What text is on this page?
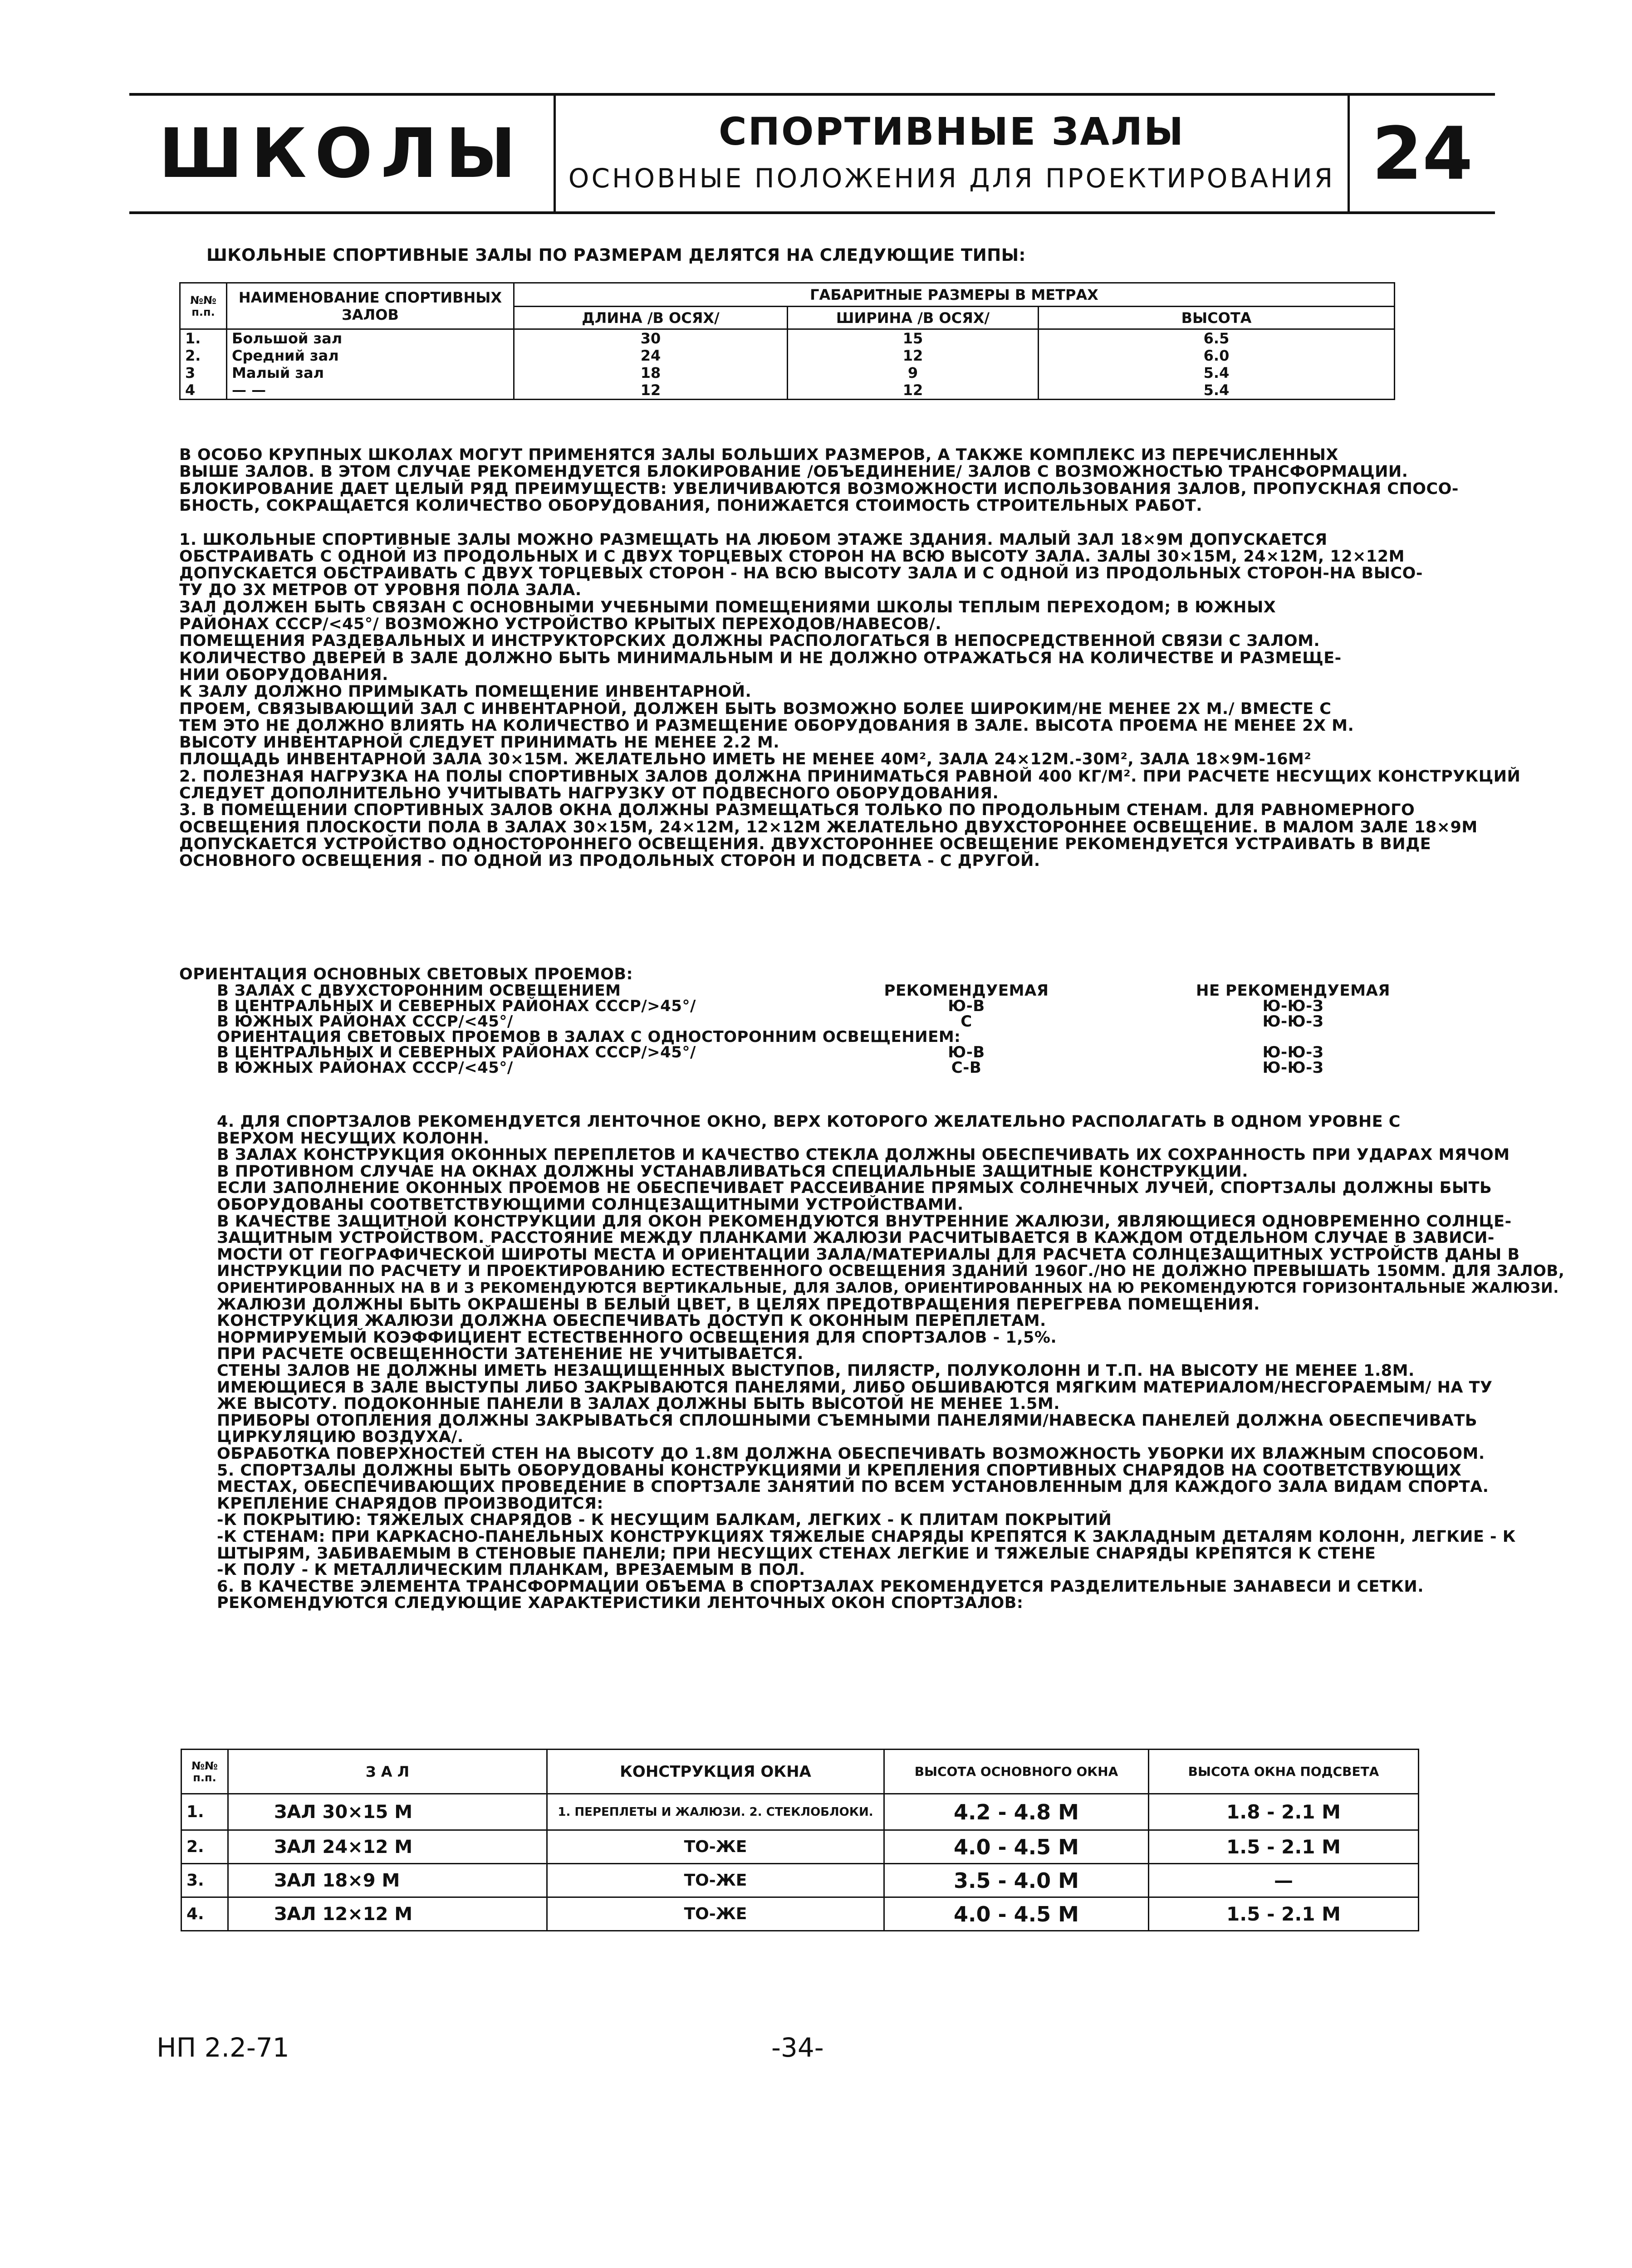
ШКОЛЫ	СПОРТИВНЫЕ ЗАЛЫ
ОСНОВНЫЕ ПОЛОЖЕНИЯ ДЛЯ ПРОЕКТИРОВАНИЯ 24
ШКОЛЬНЫЕ СПОРТИВНЫЕ ЗАЛЫ ПО РАЗМЕРАМ ДЕЛЯТСЯ НА СЛЕДУЮЩИЕ ТИПЫ:
№№ п.п.	НАИМЕНОВАНИЕ СПОРТИВНЫХ ЗАЛОВ	ГАБАРИТНЫЕ РАЗМЕРЫ В МЕТРАХ		
		ДЛИНА /В ОСЯХ/	ШИРИНА /В ОСЯХ/	ВЫСОТА
1.	Большой зал	30	15	6.5
2.	Средний зал	24	12	6.0
3	Малый зал	18	9	5.4
4	— —	12	12	5.4
В ОСОБО КРУПНЫХ ШКОЛАХ МОГУТ ПРИМЕНЯТСЯ ЗАЛЫ БОЛЬШИХ РАЗМЕРОВ, А ТАКЖЕ КОМПЛЕКС ИЗ ПЕРЕЧИСЛЕННЫХ
ВЫШЕ ЗАЛОВ. В ЭТОМ СЛУЧАЕ РЕКОМЕНДУЕТСЯ БЛОКИРОВАНИЕ /ОБЪЕДИНЕНИЕ/ ЗАЛОВ С ВОЗМОЖНОСТЬЮ ТРАНСФОРМАЦИИ.
БЛОКИРОВАНИЕ ДАЕТ ЦЕЛЫЙ РЯД ПРЕИМУЩЕСТВ: УВЕЛИЧИВАЮТСЯ ВОЗМОЖНОСТИ ИСПОЛЬЗОВАНИЯ ЗАЛОВ, ПРОПУСКНАЯ СПОСО-
БНОСТЬ, СОКРАЩАЕТСЯ КОЛИЧЕСТВО ОБОРУДОВАНИЯ, ПОНИЖАЕТСЯ СТОИМОСТЬ СТРОИТЕЛЬНЫХ РАБОТ.
1. ШКОЛЬНЫЕ СПОРТИВНЫЕ ЗАЛЫ МОЖНО РАЗМЕЩАТЬ НА ЛЮБОМ ЭТАЖЕ ЗДАНИЯ. МАЛЫЙ ЗАЛ 18×9М ДОПУСКАЕТСЯ
ОБСТРАИВАТЬ С ОДНОЙ ИЗ ПРОДОЛЬНЫХ И С ДВУХ ТОРЦЕВЫХ СТОРОН НА ВСЮ ВЫСОТУ ЗАЛА. ЗАЛЫ 30×15М, 24×12М, 12×12М
ДОПУСКАЕТСЯ ОБСТРАИВАТЬ С ДВУХ ТОРЦЕВЫХ СТОРОН - НА ВСЮ ВЫСОТУ ЗАЛА И С ОДНОЙ ИЗ ПРОДОЛЬНЫХ СТОРОН-НА ВЫСО-
ТУ ДО 3Х МЕТРОВ ОТ УРОВНЯ ПОЛА ЗАЛА.
ЗАЛ ДОЛЖЕН БЫТЬ СВЯЗАН С ОСНОВНЫМИ УЧЕБНЫМИ ПОМЕЩЕНИЯМИ ШКОЛЫ ТЕПЛЫМ ПЕРЕХОДОМ; В ЮЖНЫХ
РАЙОНАХ СССР/<45°/ ВОЗМОЖНО УСТРОЙСТВО КРЫТЫХ ПЕРЕХОДОВ/НАВЕСОВ/.
ПОМЕЩЕНИЯ РАЗДЕВАЛЬНЫХ И ИНСТРУКТОРСКИХ ДОЛЖНЫ РАСПОЛОГАТЬСЯ В НЕПОСРЕДСТВЕННОЙ СВЯЗИ С ЗАЛОМ.
КОЛИЧЕСТВО ДВЕРЕЙ В ЗАЛЕ ДОЛЖНО БЫТЬ МИНИМАЛЬНЫМ И НЕ ДОЛЖНО ОТРАЖАТЬСЯ НА КОЛИЧЕСТВЕ И РАЗМЕЩЕ-
НИИ ОБОРУДОВАНИЯ.
К ЗАЛУ ДОЛЖНО ПРИМЫКАТЬ ПОМЕЩЕНИЕ ИНВЕНТАРНОЙ.
ПРОЕМ, СВЯЗЫВАЮЩИЙ ЗАЛ С ИНВЕНТАРНОЙ, ДОЛЖЕН БЫТЬ ВОЗМОЖНО БОЛЕЕ ШИРОКИМ/НЕ МЕНЕЕ 2Х М./ ВМЕСТЕ С
ТЕМ ЭТО НЕ ДОЛЖНО ВЛИЯТЬ НА КОЛИЧЕСТВО И РАЗМЕЩЕНИЕ ОБОРУДОВАНИЯ В ЗАЛЕ. ВЫСОТА ПРОЕМА НЕ МЕНЕЕ 2Х М.
ВЫСОТУ ИНВЕНТАРНОЙ СЛЕДУЕТ ПРИНИМАТЬ НЕ МЕНЕЕ 2.2 М.
ПЛОЩАДЬ ИНВЕНТАРНОЙ ЗАЛА 30×15М. ЖЕЛАТЕЛЬНО ИМЕТЬ НЕ МЕНЕЕ 40М², ЗАЛА 24×12М.-30М², ЗАЛА 18×9М-16М²
2. ПОЛЕЗНАЯ НАГРУЗКА НА ПОЛЫ СПОРТИВНЫХ ЗАЛОВ ДОЛЖНА ПРИНИМАТЬСЯ РАВНОЙ 400 КГ/М². ПРИ РАСЧЕТЕ НЕСУЩИХ КОНСТРУКЦИЙ
СЛЕДУЕТ ДОПОЛНИТЕЛЬНО УЧИТЫВАТЬ НАГРУЗКУ ОТ ПОДВЕСНОГО ОБОРУДОВАНИЯ.
3. В ПОМЕЩЕНИИ СПОРТИВНЫХ ЗАЛОВ ОКНА ДОЛЖНЫ РАЗМЕЩАТЬСЯ ТОЛЬКО ПО ПРОДОЛЬНЫМ СТЕНАМ. ДЛЯ РАВНОМЕРНОГО
ОСВЕЩЕНИЯ ПЛОСКОСТИ ПОЛА В ЗАЛАХ 30×15М, 24×12М, 12×12М ЖЕЛАТЕЛЬНО ДВУХСТОРОННЕЕ ОСВЕЩЕНИЕ. В МАЛОМ ЗАЛЕ 18×9М
ДОПУСКАЕТСЯ УСТРОЙСТВО ОДНОСТОРОННЕГО ОСВЕЩЕНИЯ. ДВУХСТОРОННЕЕ ОСВЕЩЕНИЕ РЕКОМЕНДУЕТСЯ УСТРАИВАТЬ В ВИДЕ
ОСНОВНОГО ОСВЕЩЕНИЯ - ПО ОДНОЙ ИЗ ПРОДОЛЬНЫХ СТОРОН И ПОДСВЕТА - С ДРУГОЙ.
ОРИЕНТАЦИЯ ОСНОВНЫХ СВЕТОВЫХ ПРОЕМОВ:
В ЗАЛАХ С ДВУХСТОРОННИМ ОСВЕЩЕНИЕМ	РЕКОМЕНДУЕМАЯ	НЕ РЕКОМЕНДУЕМАЯ
В ЦЕНТРАЛЬНЫХ И СЕВЕРНЫХ РАЙОНАХ СССР/>45°/	Ю-В	Ю-Ю-З
В ЮЖНЫХ РАЙОНАХ СССР/<45°/	С	Ю-Ю-З
ОРИЕНТАЦИЯ СВЕТОВЫХ ПРОЕМОВ В ЗАЛАХ С ОДНОСТОРОННИМ ОСВЕЩЕНИЕМ:
В ЦЕНТРАЛЬНЫХ И СЕВЕРНЫХ РАЙОНАХ СССР/>45°/	Ю-В	Ю-Ю-З
В ЮЖНЫХ РАЙОНАХ СССР/<45°/	С-В	Ю-Ю-З
4. ДЛЯ СПОРТЗАЛОВ РЕКОМЕНДУЕТСЯ ЛЕНТОЧНОЕ ОКНО, ВЕРХ КОТОРОГО ЖЕЛАТЕЛЬНО РАСПОЛАГАТЬ В ОДНОМ УРОВНЕ С
ВЕРХОМ НЕСУЩИХ КОЛОНН.
В ЗАЛАХ КОНСТРУКЦИЯ ОКОННЫХ ПЕРЕПЛЕТОВ И КАЧЕСТВО СТЕКЛА ДОЛЖНЫ ОБЕСПЕЧИВАТЬ ИХ СОХРАННОСТЬ ПРИ УДАРАХ МЯЧОМ
В ПРОТИВНОМ СЛУЧАЕ НА ОКНАХ ДОЛЖНЫ УСТАНАВЛИВАТЬСЯ СПЕЦИАЛЬНЫЕ ЗАЩИТНЫЕ КОНСТРУКЦИИ.
ЕСЛИ ЗАПОЛНЕНИЕ ОКОННЫХ ПРОЕМОВ НЕ ОБЕСПЕЧИВАЕТ РАССЕИВАНИЕ ПРЯМЫХ СОЛНЕЧНЫХ ЛУЧЕЙ, СПОРТЗАЛЫ ДОЛЖНЫ БЫТЬ
ОБОРУДОВАНЫ СООТВЕТСТВУЮЩИМИ СОЛНЦЕЗАЩИТНЫМИ УСТРОЙСТВАМИ.
В КАЧЕСТВЕ ЗАЩИТНОЙ КОНСТРУКЦИИ ДЛЯ ОКОН РЕКОМЕНДУЮТСЯ ВНУТРЕННИЕ ЖАЛЮЗИ, ЯВЛЯЮЩИЕСЯ ОДНОВРЕМЕННО СОЛНЦЕ-
ЗАЩИТНЫМ УСТРОЙСТВОМ. РАССТОЯНИЕ МЕЖДУ ПЛАНКАМИ ЖАЛЮЗИ РАСЧИТЫВАЕТСЯ В КАЖДОМ ОТДЕЛЬНОМ СЛУЧАЕ В ЗАВИСИ-
МОСТИ ОТ ГЕОГРАФИЧЕСКОЙ ШИРОТЫ МЕСТА И ОРИЕНТАЦИИ ЗАЛА/МАТЕРИАЛЫ ДЛЯ РАСЧЕТА СОЛНЦЕЗАЩИТНЫХ УСТРОЙСТВ ДАНЫ В
ИНСТРУКЦИИ ПО РАСЧЕТУ И ПРОЕКТИРОВАНИЮ ЕСТЕСТВЕННОГО ОСВЕЩЕНИЯ ЗДАНИЙ 1960Г./НО НЕ ДОЛЖНО ПРЕВЫШАТЬ 150ММ. ДЛЯ ЗАЛОВ,
ОРИЕНТИРОВАННЫХ НА В И З РЕКОМЕНДУЮТСЯ ВЕРТИКАЛЬНЫЕ, ДЛЯ ЗАЛОВ, ОРИЕНТИРОВАННЫХ НА Ю РЕКОМЕНДУЮТСЯ ГОРИЗОНТАЛЬНЫЕ ЖАЛЮЗИ.
ЖАЛЮЗИ ДОЛЖНЫ БЫТЬ ОКРАШЕНЫ В БЕЛЫЙ ЦВЕТ, В ЦЕЛЯХ ПРЕДОТВРАЩЕНИЯ ПЕРЕГРЕВА ПОМЕЩЕНИЯ.
КОНСТРУКЦИЯ ЖАЛЮЗИ ДОЛЖНА ОБЕСПЕЧИВАТЬ ДОСТУП К ОКОННЫМ ПЕРЕПЛЕТАМ.
НОРМИРУЕМЫЙ КОЭФФИЦИЕНТ ЕСТЕСТВЕННОГО ОСВЕЩЕНИЯ ДЛЯ СПОРТЗАЛОВ - 1,5%.
ПРИ РАСЧЕТЕ ОСВЕЩЕННОСТИ ЗАТЕНЕНИЕ НЕ УЧИТЫВАЕТСЯ.
СТЕНЫ ЗАЛОВ НЕ ДОЛЖНЫ ИМЕТЬ НЕЗАЩИЩЕННЫХ ВЫСТУПОВ, ПИЛЯСТР, ПОЛУКОЛОНН И Т.П. НА ВЫСОТУ НЕ МЕНЕЕ 1.8М.
ИМЕЮЩИЕСЯ В ЗАЛЕ ВЫСТУПЫ ЛИБО ЗАКРЫВАЮТСЯ ПАНЕЛЯМИ, ЛИБО ОБШИВАЮТСЯ МЯГКИМ МАТЕРИАЛОМ/НЕСГОРАЕМЫМ/ НА ТУ
ЖЕ ВЫСОТУ. ПОДОКОННЫЕ ПАНЕЛИ В ЗАЛАХ ДОЛЖНЫ БЫТЬ ВЫСОТОЙ НЕ МЕНЕЕ 1.5М.
ПРИБОРЫ ОТОПЛЕНИЯ ДОЛЖНЫ ЗАКРЫВАТЬСЯ СПЛОШНЫМИ СЪЕМНЫМИ ПАНЕЛЯМИ/НАВЕСКА ПАНЕЛЕЙ ДОЛЖНА ОБЕСПЕЧИВАТЬ
ЦИРКУЛЯЦИЮ ВОЗДУХА/.
ОБРАБОТКА ПОВЕРХНОСТЕЙ СТЕН НА ВЫСОТУ ДО 1.8М ДОЛЖНА ОБЕСПЕЧИВАТЬ ВОЗМОЖНОСТЬ УБОРКИ ИХ ВЛАЖНЫМ СПОСОБОМ.
5. СПОРТЗАЛЫ ДОЛЖНЫ БЫТЬ ОБОРУДОВАНЫ КОНСТРУКЦИЯМИ И КРЕПЛЕНИЯ СПОРТИВНЫХ СНАРЯДОВ НА СООТВЕТСТВУЮЩИХ
МЕСТАХ, ОБЕСПЕЧИВАЮЩИХ ПРОВЕДЕНИЕ В СПОРТЗАЛЕ ЗАНЯТИЙ ПО ВСЕМ УСТАНОВЛЕННЫМ ДЛЯ КАЖДОГО ЗАЛА ВИДАМ СПОРТА.
КРЕПЛЕНИЕ СНАРЯДОВ ПРОИЗВОДИТСЯ:
-К ПОКРЫТИЮ: ТЯЖЕЛЫХ СНАРЯДОВ - К НЕСУЩИМ БАЛКАМ, ЛЕГКИХ - К ПЛИТАМ ПОКРЫТИЙ
-К СТЕНАМ: ПРИ КАРКАСНО-ПАНЕЛЬНЫХ КОНСТРУКЦИЯХ ТЯЖЕЛЫЕ СНАРЯДЫ КРЕПЯТСЯ К ЗАКЛАДНЫМ ДЕТАЛЯМ КОЛОНН, ЛЕГКИЕ - К
ШТЫРЯМ, ЗАБИВАЕМЫМ В СТЕНОВЫЕ ПАНЕЛИ; ПРИ НЕСУЩИХ СТЕНАХ ЛЕГКИЕ И ТЯЖЕЛЫЕ СНАРЯДЫ КРЕПЯТСЯ К СТЕНЕ
-К ПОЛУ - К МЕТАЛЛИЧЕСКИМ ПЛАНКАМ, ВРЕЗАЕМЫМ В ПОЛ.
6. В КАЧЕСТВЕ ЭЛЕМЕНТА ТРАНСФОРМАЦИИ ОБЪЕМА В СПОРТЗАЛАХ РЕКОМЕНДУЕТСЯ РАЗДЕЛИТЕЛЬНЫЕ ЗАНАВЕСИ И СЕТКИ.
РЕКОМЕНДУЮТСЯ СЛЕДУЮЩИЕ ХАРАКТЕРИСТИКИ ЛЕНТОЧНЫХ ОКОН СПОРТЗАЛОВ:
№№ п.п.	З А Л	КОНСТРУКЦИЯ ОКНА	ВЫСОТА ОСНОВНОГО ОКНА	ВЫСОТА ОКНА ПОДСВЕТА
1.	ЗАЛ 30×15 М	1. ПЕРЕПЛЕТЫ И ЖАЛЮЗИ. 2. СТЕКЛОБЛОКИ.	4.2 - 4.8 М	1.8 - 2.1 М
2.	ЗАЛ 24×12 М	ТО-ЖЕ	4.0 - 4.5 М	1.5 - 2.1 М
3.	ЗАЛ 18×9 М	ТО-ЖЕ	3.5 - 4.0 М	—
4.	ЗАЛ 12×12 М	ТО-ЖЕ	4.0 - 4.5 М	1.5 - 2.1 М
НП 2.2-71	-34-
